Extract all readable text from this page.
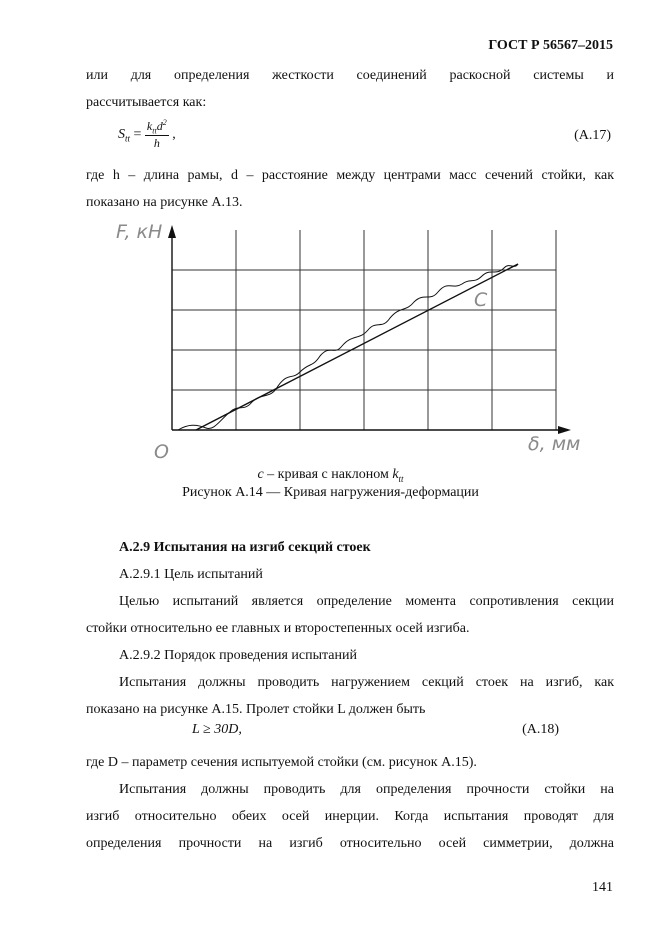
ГОСТ Р 56567–2015
или для определения жесткости соединений раскосной системы и
рассчитывается как:
$S_{tt} = \frac{k_{tt}d^2}{h}$ ,	(А.17)
где h – длина рамы, d – расстояние между центрами масс сечений стойки, как
показано на рисунке А.13.
F, кН
δ, мм
O
C
c – кривая с наклоном $k_{tt}$
Рисунок А.14 — Кривая нагружения-деформации
А.2.9 Испытания на изгиб секций стоек
А.2.9.1 Цель испытаний
Целью испытаний является определение момента сопротивления секции
стойки относительно ее главных и второстепенных осей изгиба.
А.2.9.2 Порядок проведения испытаний
Испытания должны проводить нагружением секций стоек на изгиб, как
показано на рисунке А.15. Пролет стойки L должен быть
L ≥ 30D,	(А.18)
где D – параметр сечения испытуемой стойки (см. рисунок А.15).
Испытания должны проводить для определения прочности стойки на
изгиб относительно обеих осей инерции. Когда испытания проводят для
определения прочности на изгиб относительно осей симметрии, должна
141
